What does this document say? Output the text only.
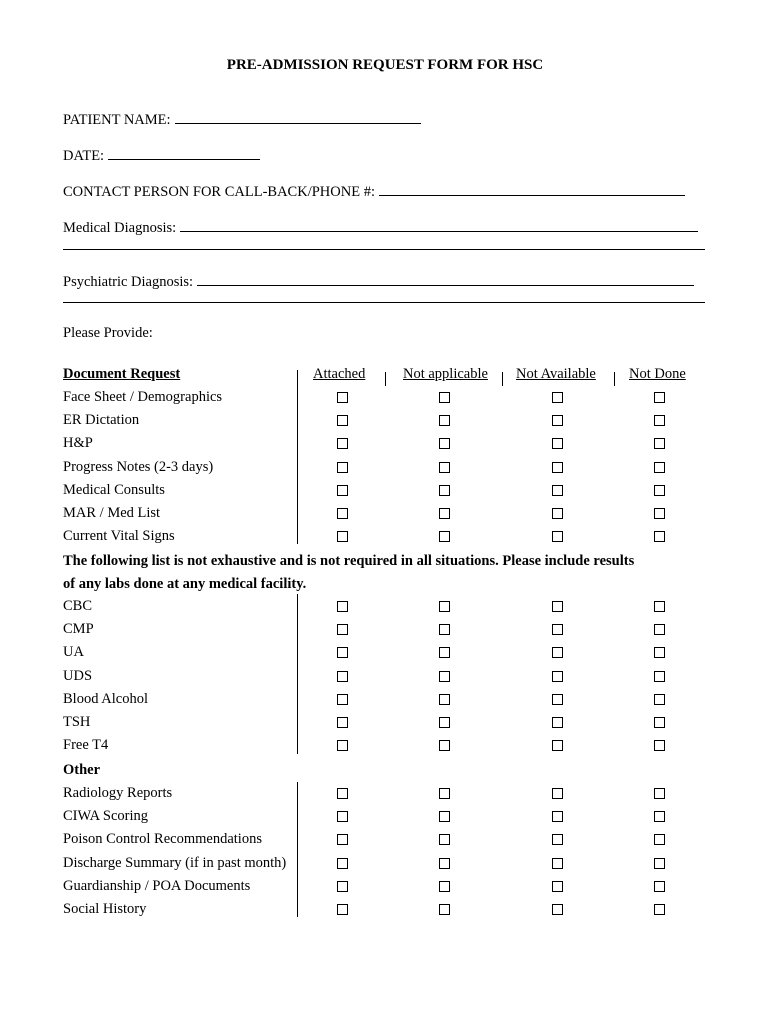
PRE-ADMISSION REQUEST FORM FOR HSC
PATIENT NAME:
DATE:
CONTACT PERSON FOR CALL-BACK/PHONE #:
Medical Diagnosis:
Psychiatric Diagnosis:
Please Provide:
Document Request	Attached	Not applicable Not Available Not Done
The following list is not exhaustive and is not required in all situations. Please include results
of any labs done at any medical facility.
Other
Face Sheet / Demographics
ER Dictation
H&P
Progress Notes (2-3 days)
Medical Consults
MAR / Med List
Current Vital Signs
CBC
CMP
UA
UDS
Blood Alcohol
TSH
Free T4
Radiology Reports
CIWA Scoring
Poison Control Recommendations
Discharge Summary (if in past month)
Guardianship / POA Documents
Social History
